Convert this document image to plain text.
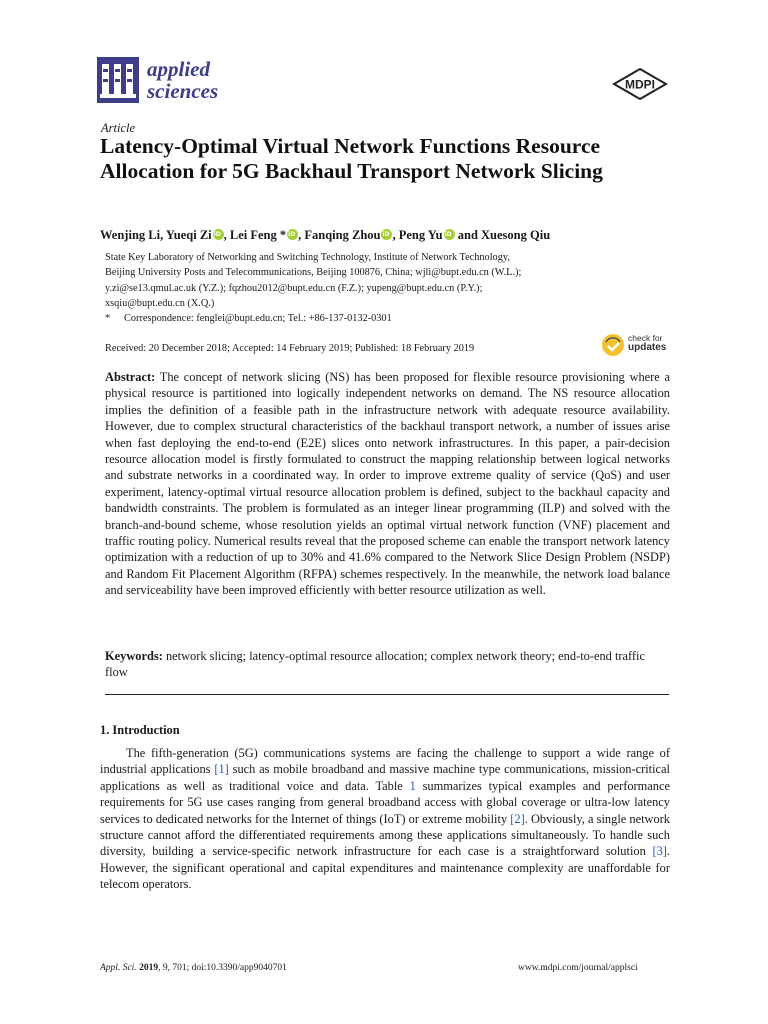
applied
sciences	MDPI
Article
Latency-Optimal Virtual Network Functions Resource Allocation for 5G Backhaul Transport Network Slicing
Wenjing Li, Yueqi Zi iD , Lei Feng * iD , Fanqing Zhou iD , Peng YuiD and Xuesong Qiu
State Key Laboratory of Networking and Switching Technology, Institute of Network Technology,
Beijing University Posts and Telecommunications, Beijing 100876, China; wjli@bupt.edu.cn (W.L.);
y.zi@se13.qmul.ac.uk (Y.Z.); fqzhou2012@bupt.edu.cn (F.Z.); yupeng@bupt.edu.cn (P.Y.);
xsqiu@bupt.edu.cn (X.Q.)
* Correspondence: fenglei@bupt.edu.cn; Tel.: +86-137-0132-0301
Received: 20 December 2018; Accepted: 14 February 2019; Published: 18 February 2019
check for
updates
Abstract: The concept of network slicing (NS) has been proposed for flexible resource provisioning where a physical resource is partitioned into logically independent networks on demand. The NS resource allocation implies the definition of a feasible path in the infrastructure network with adequate resource availability. However, due to complex structural characteristics of the backhaul transport network, a number of issues arise when fast deploying the end-to-end (E2E) slices onto network infrastructures. In this paper, a pair-decision resource allocation model is firstly formulated to construct the mapping relationship between logical networks and substrate networks in a coordinated way. In order to improve extreme quality of service (QoS) and user experiment, latency-optimal virtual resource allocation problem is defined, subject to the backhaul capacity and bandwidth constraints. The problem is formulated as an integer linear programming (ILP) and solved with the branch-and-bound scheme, whose resolution yields an optimal virtual network function (VNF) placement and traffic routing policy. Numerical results reveal that the proposed scheme can enable the transport network latency optimization with a reduction of up to 30% and 41.6% compared to the Network Slice Design Problem (NSDP) and Random Fit Placement Algorithm (RFPA) schemes respectively. In the meanwhile, the network load balance and serviceability have been improved efficiently with better resource utilization as well.
Keywords: network slicing; latency-optimal resource allocation; complex network theory; end-to-end traffic flow
1. Introduction

The fifth-generation (5G) communications systems are facing the challenge to support a wide range of industrial applications [1] such as mobile broadband and massive machine type communications, mission-critical applications as well as traditional voice and data. Table 1 summarizes typical examples and performance requirements for 5G use cases ranging from general broadband access with global coverage or ultra-low latency services to dedicated networks for the Internet of things (IoT) or extreme mobility [2]. Obviously, a single network structure cannot afford the differentiated requirements among these applications simultaneously. To handle such diversity, building a service-specific network infrastructure for each case is a straightforward solution [3]. However, the significant operational and capital expenditures and maintenance complexity are unaffordable for telecom operators.

Appl. Sci. 2019, 9, 701; doi:10.3390/app9040701	www.mdpi.com/journal/applsci
